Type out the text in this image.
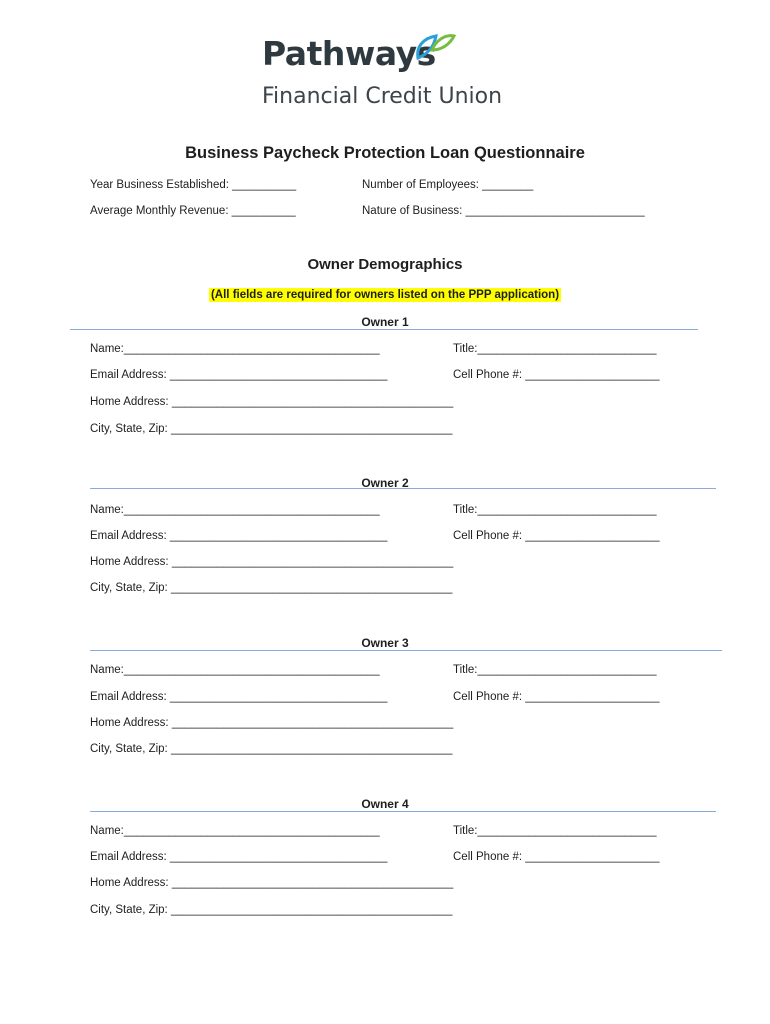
Pathways
Financial Credit Union
Business Paycheck Protection Loan Questionnaire
Year Business Established: __________	Number of Employees: ________
Average Monthly Revenue: __________	Nature of Business: ____________________________
Owner Demographics
(All fields are required for owners listed on the PPP application)
Owner 1
Name:________________________________________	Title:____________________________
Email Address: __________________________________	Cell Phone #: _____________________
Home Address: ____________________________________________
City, State, Zip: ____________________________________________
Owner 2
Name:________________________________________	Title:____________________________
Email Address: __________________________________	Cell Phone #: _____________________
Home Address: ____________________________________________
City, State, Zip: ____________________________________________
Owner 3
Name:________________________________________	Title:____________________________
Email Address: __________________________________	Cell Phone #: _____________________
Home Address: ____________________________________________
City, State, Zip: ____________________________________________
Owner 4
Name:________________________________________	Title:____________________________
Email Address: __________________________________	Cell Phone #: _____________________
Home Address: ____________________________________________
City, State, Zip: ____________________________________________
